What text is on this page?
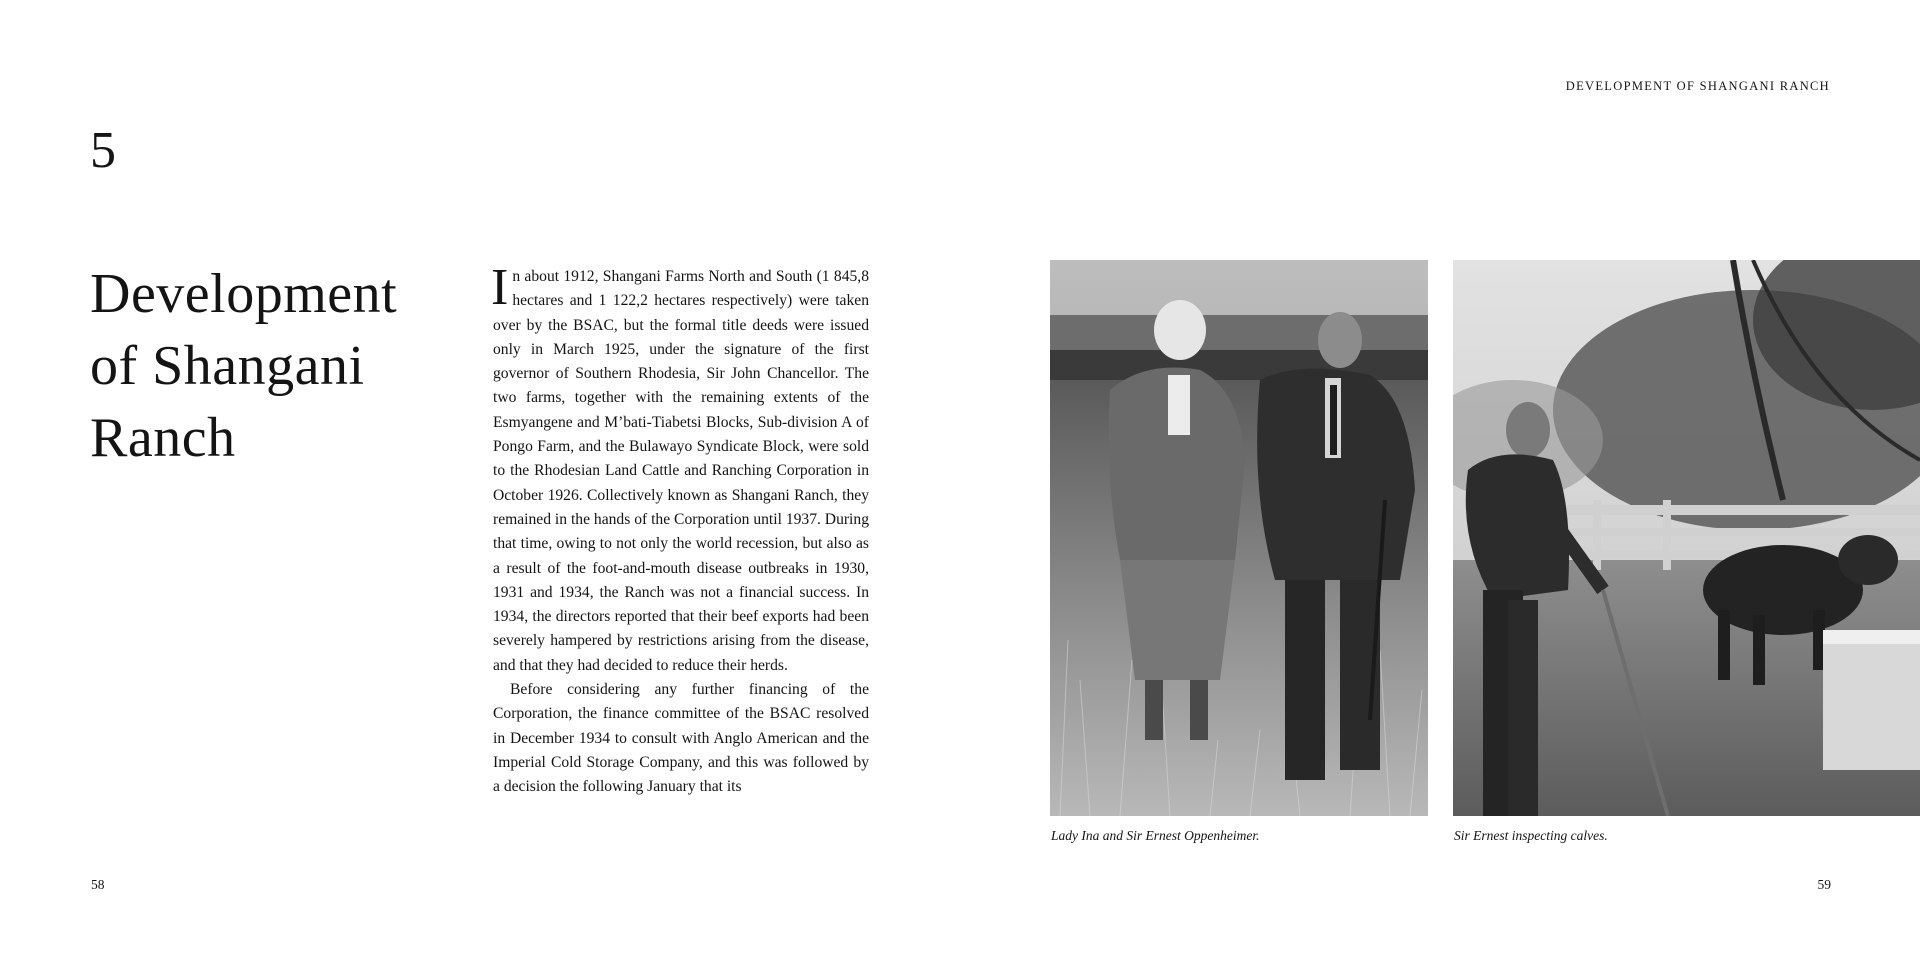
DEVELOPMENT OF SHANGANI RANCH
5
Development
of Shangani
Ranch

In about 1912, Shangani Farms North and South (1 845,8 hectares and 1 122,2 hectares respectively) were taken over by the BSAC, but the formal title deeds were issued only in March 1925, under the signature of the first governor of Southern Rhodesia, Sir John Chancellor. The two farms, together with the remaining extents of the Esmyangene and M’bati-Tiabetsi Blocks, Sub-division A of Pongo Farm, and the Bulawayo Syndicate Block, were sold to the Rhodesian Land Cattle and Ranching Corporation in October 1926. Collectively known as Shangani Ranch, they remained in the hands of the Corporation until 1937. During that time, owing to not only the world recession, but also as a result of the foot-and-mouth disease outbreaks in 1930, 1931 and 1934, the Ranch was not a financial success. In 1934, the directors reported that their beef exports had been severely hampered by restrictions arising from the disease, and that they had decided to reduce their herds.

Before considering any further financing of the Corporation, the finance committee of the BSAC resolved in December 1934 to consult with Anglo American and the Imperial Cold Storage Company, and this was followed by a decision the following January that its

Lady Ina and Sir Ernest Oppenheimer.	Sir Ernest inspecting calves.
58	59
